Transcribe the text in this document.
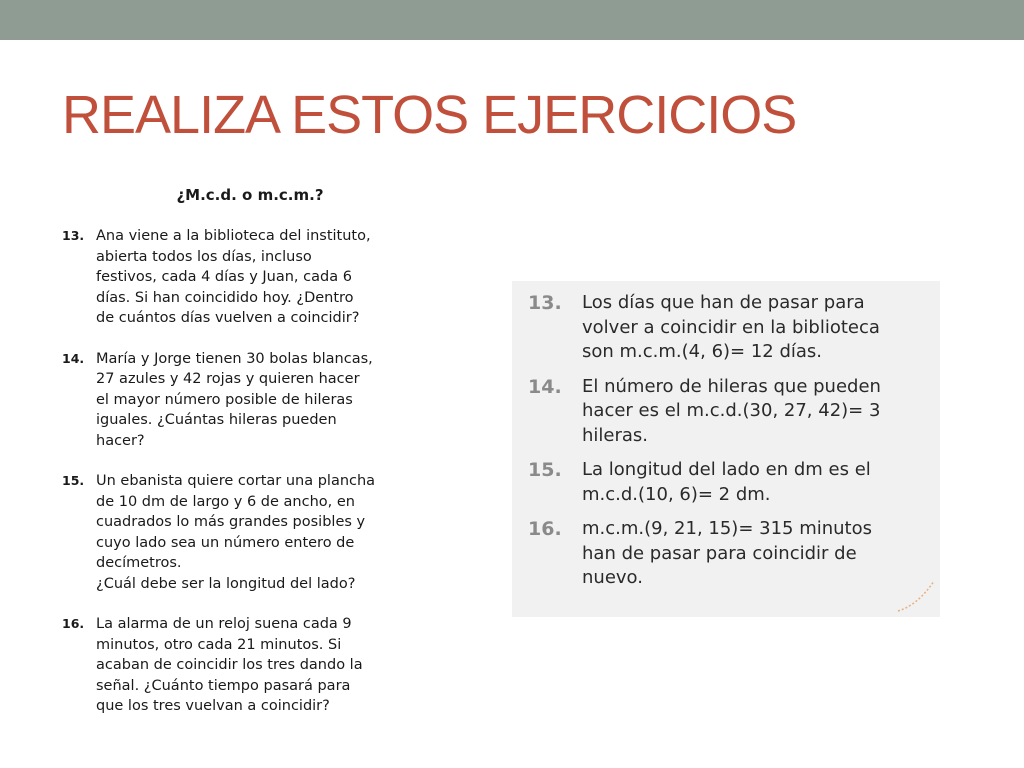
REALIZA ESTOS EJERCICIOS
¿M.c.d. o m.c.m.?
13. Ana viene a la biblioteca del instituto,
abierta todos los días, incluso
festivos, cada 4 días y Juan, cada 6
días. Si han coincidido hoy. ¿Dentro
de cuántos días vuelven a coincidir?
14. María y Jorge tienen 30 bolas blancas,
27 azules y 42 rojas y quieren hacer
el mayor número posible de hileras
iguales. ¿Cuántas hileras pueden
hacer?
15. Un ebanista quiere cortar una plancha
de 10 dm de largo y 6 de ancho, en
cuadrados lo más grandes posibles y
cuyo lado sea un número entero de
decímetros.
¿Cuál debe ser la longitud del lado?
16. La alarma de un reloj suena cada 9
minutos, otro cada 21 minutos. Si
acaban de coincidir los tres dando la
señal. ¿Cuánto tiempo pasará para
que los tres vuelvan a coincidir?
13.	Los días que han de pasar para
volver a coincidir en la biblioteca
son m.c.m.(4, 6)= 12 días.
14.	El número de hileras que pueden
hacer es el m.c.d.(30, 27, 42)= 3
hileras.
15.	La longitud del lado en dm es el
m.c.d.(10, 6)= 2 dm.
16.	m.c.m.(9, 21, 15)= 315 minutos
han de pasar para coincidir de
nuevo.
